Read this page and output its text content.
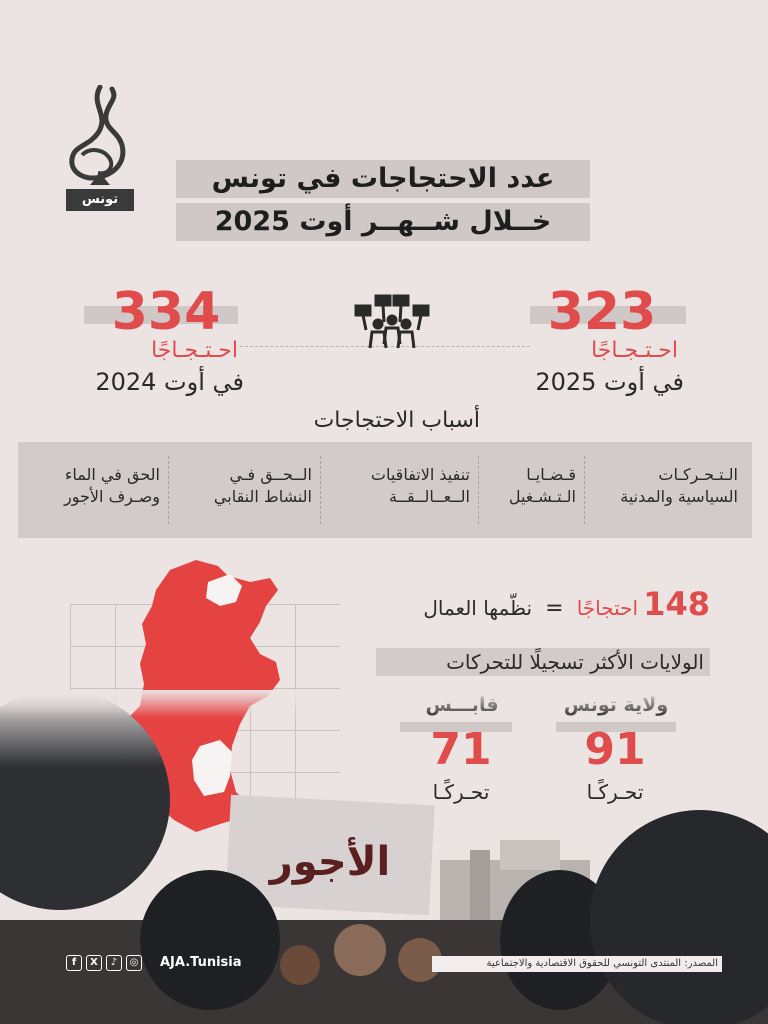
تونس
عدد الاحتجاجات في تونس
خــلال شــهــر أوت 2025
323
احـتـجـاجًا
في أوت 2025
334
احـتـجـاجًا
في أوت 2024
أسباب الاحتجاجات
الـتـحـركـات
السياسية والمدنية
قـضـايـا
الـتـشـغيل
تنفيذ الاتفاقيات
الــعــالــقــة
الــحــق فـي
النشاط النقابي
الحق في الماء
وصـرف الأجور
148 احتجاجًا = نظّمها العمال
الولايات الأكثر تسجيلًا للتحركات
تحـركًـا
تحـركًـا
الأجور
f	X	♪	◎ AJA.Tunisia	المصدر: المنتدى التونسي للحقوق الاقتصادية والاجتماعية
